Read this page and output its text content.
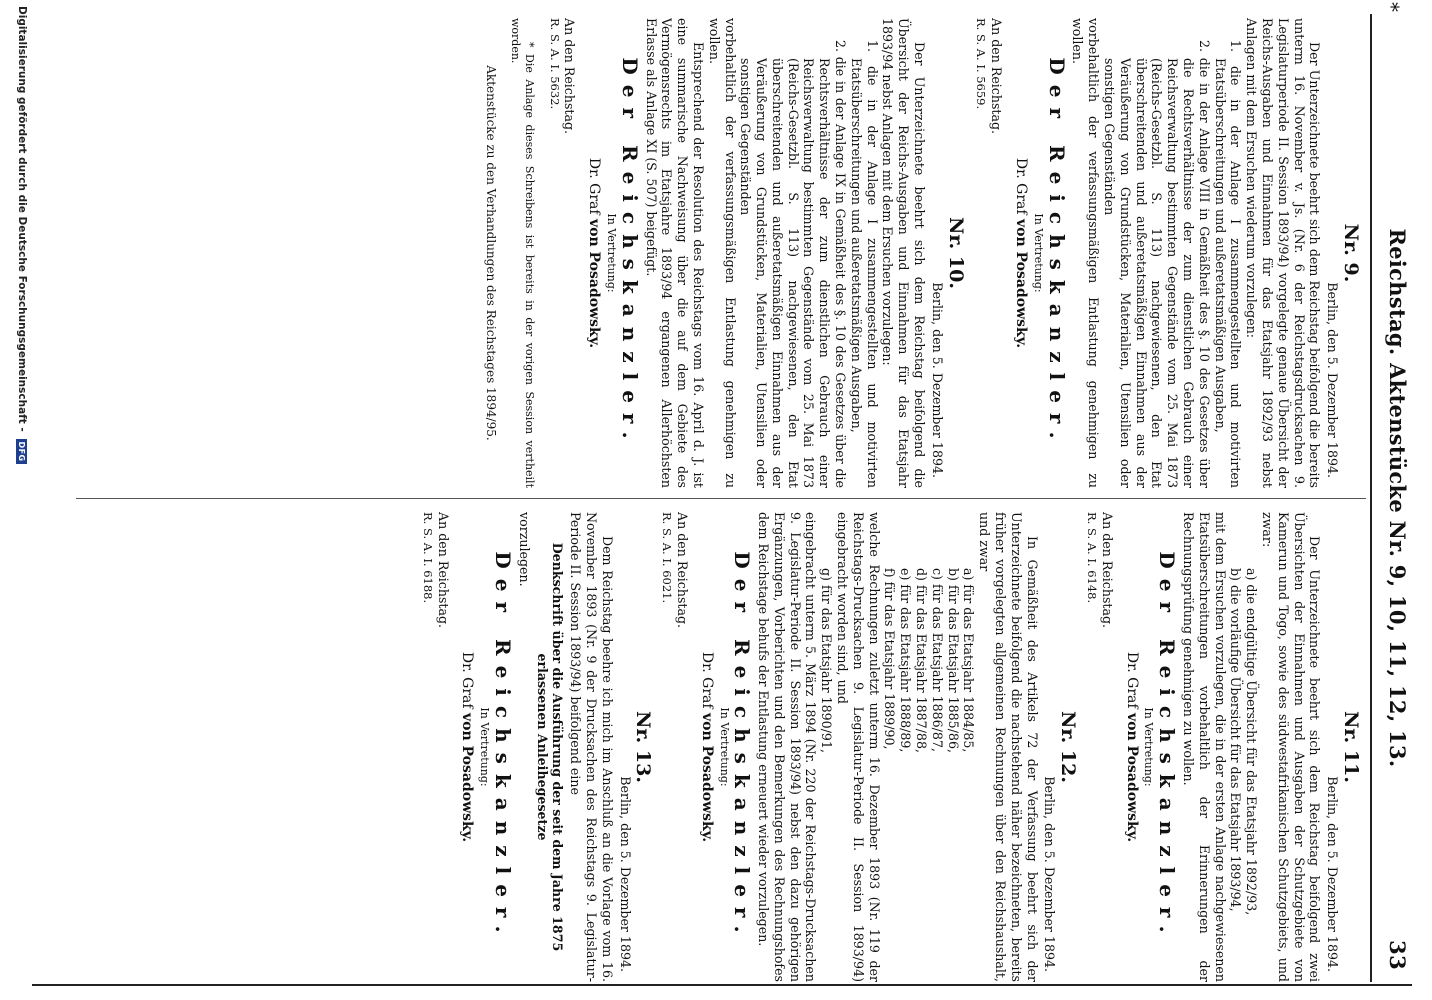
Reichstag. Aktenstücke Nr. 9, 10, 11, 12, 13.
33
*
Nr. 9.
Berlin, den 5. Dezember 1894.

Der Unterzeichnete beehrt sich dem Reichstag beifolgend die bereits unterm 16. November v. Js. (Nr. 6 der Reichstagsdrucksachen 9. Legislaturperiode II. Session 1893/94) vorgelegte genaue Übersicht der Reichs-Ausgaben und Einnahmen für das Etatsjahr 1892/93 nebst Anlagen mit dem Ersuchen wiederum vorzulegen:

1. die in der Anlage I zusammengestellten und motivirten Etatsüberschreitungen und außeretatsmäßigen Ausgaben,

2. die in der Anlage VIII in Gemäßheit des §. 10 des Gesetzes über die Rechtsverhältnisse der zum dienstlichen Gebrauch einer Reichsverwaltung bestimmten Gegenstände vom 25. Mai 1873 (Reichs-Gesetzbl. S. 113) nachgewiesenen, den Etat überschreitenden und außeretatsmäßigen Einnahmen aus der Veräußerung von Grundstücken, Materialien, Utensilien oder sonstigen Gegenständen

vorbehaltlich der verfassungsmäßigen Entlastung genehmigen zu wollen.

Der Reichskanzler.
In Vertretung:
Dr. Graf von Posadowsky.
An den Reichstag.
R. S. A. I. 5659.
Nr. 10.
Berlin, den 5. Dezember 1894.

Der Unterzeichnete beehrt sich dem Reichstag beifolgend die Übersicht der Reichs-Ausgaben und Einnahmen für das Etatsjahr 1893/94 nebst Anlagen mit dem Ersuchen vorzulegen:

1. die in der Anlage I zusammengestellten und motivirten Etatsüberschreitungen und außeretatsmäßigen Ausgaben,

2. die in der Anlage IX in Gemäßheit des §. 10 des Gesetzes über die Rechtsverhältnisse der zum dienstlichen Gebrauch einer Reichsverwaltung bestimmten Gegenstände vom 25. Mai 1873 (Reichs-Gesetzbl. S. 113) nachgewiesenen, den Etat überschreitenden und außeretatsmäßigen Einnahmen aus der Veräußerung von Grundstücken, Materialien, Utensilien oder sonstigen Gegenständen

vorbehaltlich der verfassungsmäßigen Entlastung genehmigen zu wollen.

Entsprechend der Resolution des Reichstags vom 16. April d. J. ist eine summarische Nachweisung über die auf dem Gebiete des Vermögensrechts im Etatsjahre 1893/94 ergangenen Allerhöchsten Erlasse als Anlage XI (S. 507) beigefügt.

Der Reichskanzler.
In Vertretung:
Dr. Graf von Posadowsky.
An den Reichstag.
R. S. A. I. 5632.

* Die Anlage dieses Schreibens ist bereits in der vorigen Session vertheilt worden.

Aktenstücke zu den Verhandlungen des Reichstages 1894/95.
Nr. 11.
Berlin, den 5. Dezember 1894.

Der Unterzeichnete beehrt sich dem Reichstag beifolgend zwei Übersichten der Einnahmen und Ausgaben der Schutzgebiete von Kamerun und Togo, sowie des südwestafrikanischen Schutzgebiets, und zwar:

a) die endgültige Übersicht für das Etatsjahr 1892/93,

b) die vorläufige Übersicht für das Etatsjahr 1893/94,

mit dem Ersuchen vorzulegen, die in der ersten Anlage nachgewiesenen Etatsüberschreitungen vorbehaltlich der Erinnerungen der Rechnungsprüfung genehmigen zu wollen.

Der Reichskanzler.
In Vertretung:
Dr. Graf von Posadowsky.
An den Reichstag.
R. S. A. I. 6148.
Nr. 12.
Berlin, den 5. Dezember 1894.

In Gemäßheit des Artikels 72 der Verfassung beehrt sich der Unterzeichnete beifolgend die nachstehend näher bezeichneten, bereits früher vorgelegten allgemeinen Rechnungen über den Reichshaushalt, und zwar

a) für das Etatsjahr 1884/85,

b) für das Etatsjahr 1885/86,

c) für das Etatsjahr 1886/87,

d) für das Etatsjahr 1887/88,

e) für das Etatsjahr 1888/89,

f) für das Etatsjahr 1889/90,

welche Rechnungen zuletzt unterm 16. Dezember 1893 (Nr. 119 der Reichstags-Drucksachen 9. Legislatur-Periode II. Session 1893/94) eingebracht worden sind, und

g) für das Etatsjahr 1890/91,

eingebracht unterm 5. März 1894 (Nr. 220 der Reichstags-Drucksachen 9. Legislatur-Periode II. Session 1893/94) nebst den dazu gehörigen Ergänzungen, Vorberichten und den Bemerkungen des Rechnungshofes dem Reichstage behufs der Entlastung erneuert wieder vorzulegen.

Der Reichskanzler.
In Vertretung:
Dr. Graf von Posadowsky.
An den Reichstag.
R. S. A. I. 6021.
Nr. 13.
Berlin, den 5. Dezember 1894.

Dem Reichstag beehre ich mich im Anschluß an die Vorlage vom 16. November 1893 (Nr. 9 der Drucksachen des Reichstags 9. Legislatur-Periode II. Session 1893/94) beifolgend eine

Denkschrift über die Ausführung der seit dem Jahre 1875 erlassenen Anleihegesetze

vorzulegen.

Der Reichskanzler.
In Vertretung:
Dr. Graf von Posadowsky.
An den Reichstag.
R. S. A. I. 6188.
Digitalisierung gefördert durch die Deutsche Forschungsgemeinschaft - DFG
